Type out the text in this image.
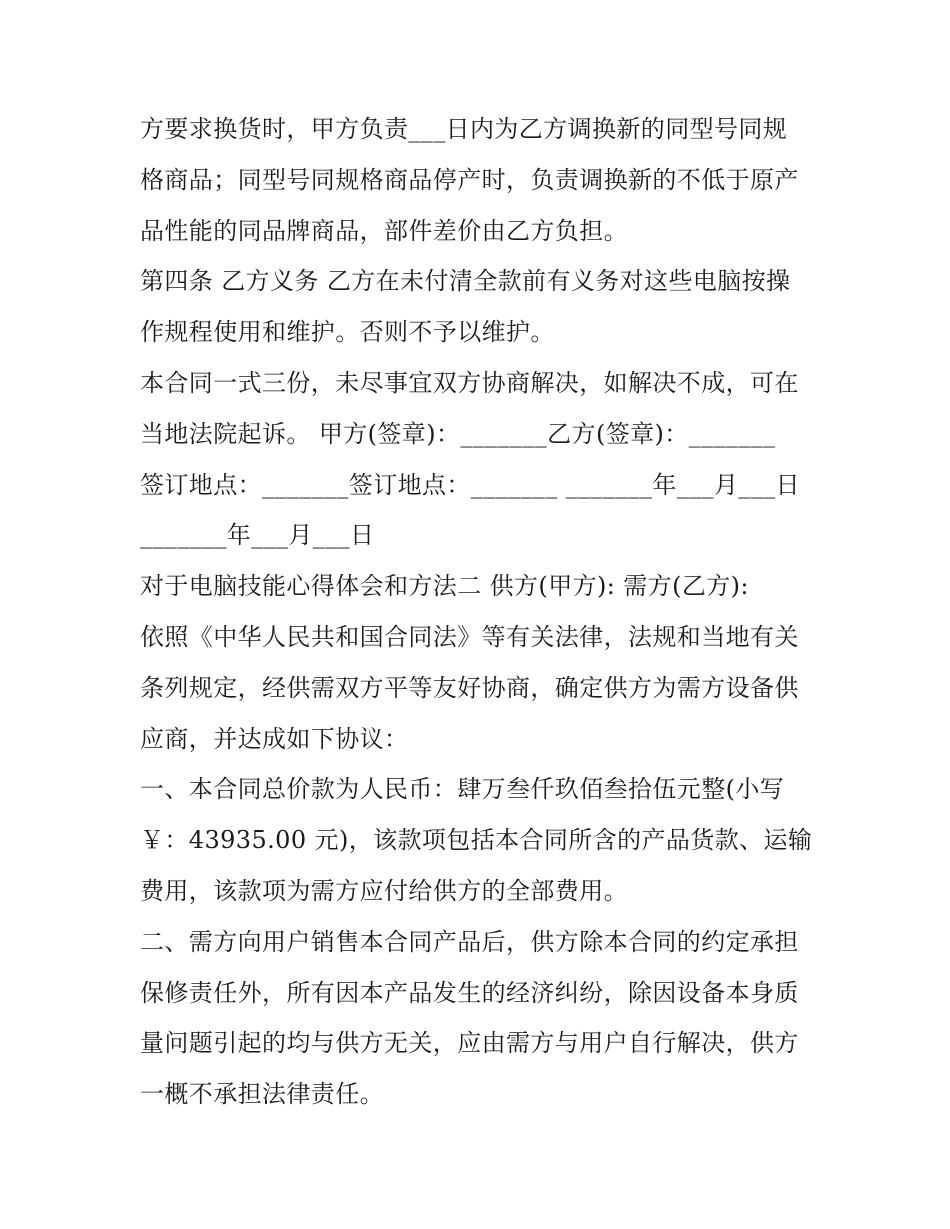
方要求换货时，甲方负责___日内为乙方调换新的同型号同规
格商品；同型号同规格商品停产时，负责调换新的不低于原产
品性能的同品牌商品，部件差价由乙方负担。
第四条 乙方义务 乙方在未付清全款前有义务对这些电脑按操
作规程使用和维护。否则不予以维护。
本合同一式三份，未尽事宜双方协商解决，如解决不成，可在
当地法院起诉。 甲方(签章)：_______乙方(签章)：_______
签订地点：_______签订地点：_______ _______年___月___日
_______年___月___日
对于电脑技能心得体会和方法二 供方(甲方): 需方(乙方):
依照《中华人民共和国合同法》等有关法律，法规和当地有关
条列规定，经供需双方平等友好协商，确定供方为需方设备供
应商，并达成如下协议：
一、本合同总价款为人民币：肆万叁仟玖佰叁拾伍元整(小写
￥：43935.00 元)，该款项包括本合同所含的产品货款、运输
费用，该款项为需方应付给供方的全部费用。
二、需方向用户销售本合同产品后，供方除本合同的约定承担
保修责任外，所有因本产品发生的经济纠纷，除因设备本身质
量问题引起的均与供方无关，应由需方与用户自行解决，供方
一概不承担法律责任。
